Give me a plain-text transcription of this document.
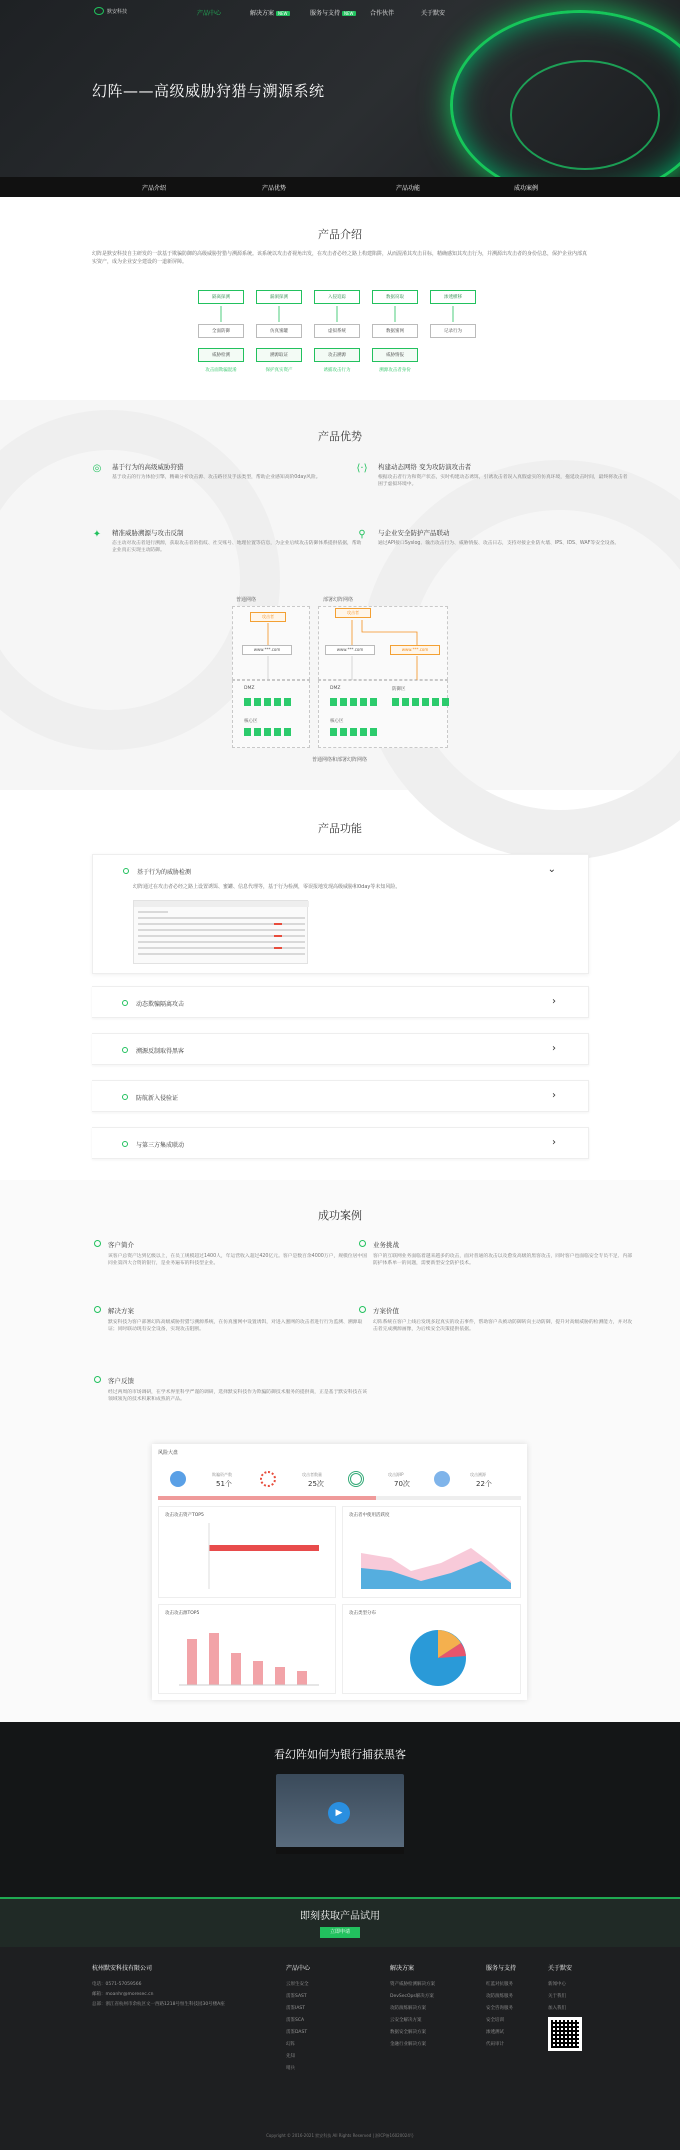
默安科技	产品中心	解决方案 NEW	服务与支持 NEW	合作伙伴	关于默安
幻阵——高级威胁狩猎与溯源系统
产品介绍	产品优势	产品功能	成功案例
产品介绍
幻阵是默安科技自主研发的一款基于欺骗防御的高级威胁狩猎与溯源系统。该系统以攻击者视角出发，在攻击者必经之路上构建陷阱，从而混淆其攻击目标，精确感知其攻击行为，并溯源出攻击者的身份信息，保护企业内部真实资产，成为企业安全建设的一道新屏障。
隔离探测	漏洞探测	入侵追踪	数据窃取	渗透横移
全面防御	仿真蜜罐	虚拟系统	数据蜜网	记录行为
威胁检测	溯源取证	攻击溯源	威胁情报
攻击面欺骗混淆	保护真实资产	诱捕攻击行为	溯源攻击者身份
产品优势
◎	基于行为的高级威胁狩猎
基于攻击的行为体验引擎，精确分析攻击源、攻击路径及手法类型，帮助企业感知高阶0day风险。
⟨·⟩ 构建动态网络 变为攻防演攻击者
根据攻击者行为和资产状态，实时构建动态诱饵，引诱攻击者误入真假虚实的仿真环境，拖延攻击时间，最终将攻击者困于虚拟环境中。
✦	精准威胁溯源与攻击反制
态主动对攻击者进行溯源，获取攻击者的指纹、社交账号、地理位置等信息，为企业后续攻击防御体系提供依据，帮助企业真正实现主动防御。
⚲	与企业安全防护产品联动
通过API接口Syslog、输出攻击行为、威胁情报、攻击日志，支持对接企业防火墙、IPS、IDS、WAF等安全设备。
普通网络	部署幻阵网络
攻击者
攻击者
www.***.com	www.***.com	www.***.com
DMZ	DMZ	防御区
核心区	核心区
普通网络和部署幻阵网络
产品功能
基于行为的威胁检测	⌄
幻阵通过在攻击者必经之路上设置诱饵、蜜罐、信息代理等，基于行为检测，零误报地发现高级威胁和0day等未知风险。
动态欺骗隔离攻击	›
溯源反制取得黑客	›
防航新入侵验证	›
与第三方集成联动	›
成功案例
客户简介
该客户总资产达到亿级以上，在员工规模超过1400人，年运营收入超过420亿元。客户是数百余4000万户，规模位居中国同业第四大合资的银行，是业务遍布的科技型企业。
业务挑战
客户的互联网业务面临着越来越多的攻击，面对普通的攻击以及愈发高级的黑客攻击，同时客户也面临安全专员不足、内部防护体系单一的问题，需要新型安全防护技术。
解决方案
默安科技为客户部署幻阵高级威胁狩猎与溯源系统，在仿真蜜网中设置诱饵，对进入蜜网的攻击者进行行为监测、溯源取证；同时联动现有安全设备，实现攻击阻断。
方案价值
幻阵系统在客户上线后发现多起真实的攻击事件，帮助客户从被动防御转向主动防御，提升对高级威胁的检测能力，并对攻击者完成溯源画像，为后续安全决策提供依据。
客户反馈
经过两周的市场调研，在学术界里科学严谨的调研，选择默安科技作为欺骗防御技术服务的提供商，正是基于默安科技在该领域领先的技术积累和成熟的产品。
风险大盘
欺骗资产数
51个
攻击者数量
25次
攻击源IP
70次
攻击溯源
22个
攻击攻击资产TOP5	攻击者中使用活跃度
攻击攻击源TOP5	攻击类型分布
看幻阵如何为银行捕获黑客
▶
即刻获取产品试用
立即申请
杭州默安科技有限公司
电话：0571-57059566
邮箱：moanhr@moresec.cn
总部：浙江省杭州市余杭区文一西路1218号恒生科技园30号楼A座
产品中心
云原生安全
雳鉴SAST
雳鉴IAST
雳鉴SCA
雳鉴DAST
幻阵
先知
哨兵
解决方案
资产威胁检测解决方案
DevSecOps解决方案
攻防演练解决方案
云安全解决方案
数据安全解决方案
金融行业解决方案
服务与支持
红蓝对抗服务
攻防演练服务
安全咨询服务
安全培训
渗透测试
代码审计
关于默安
新闻中心
关于我们
加入我们
Copyright © 2016-2021 默安科技 All Rights Reserved | 浙ICP备16020024号
